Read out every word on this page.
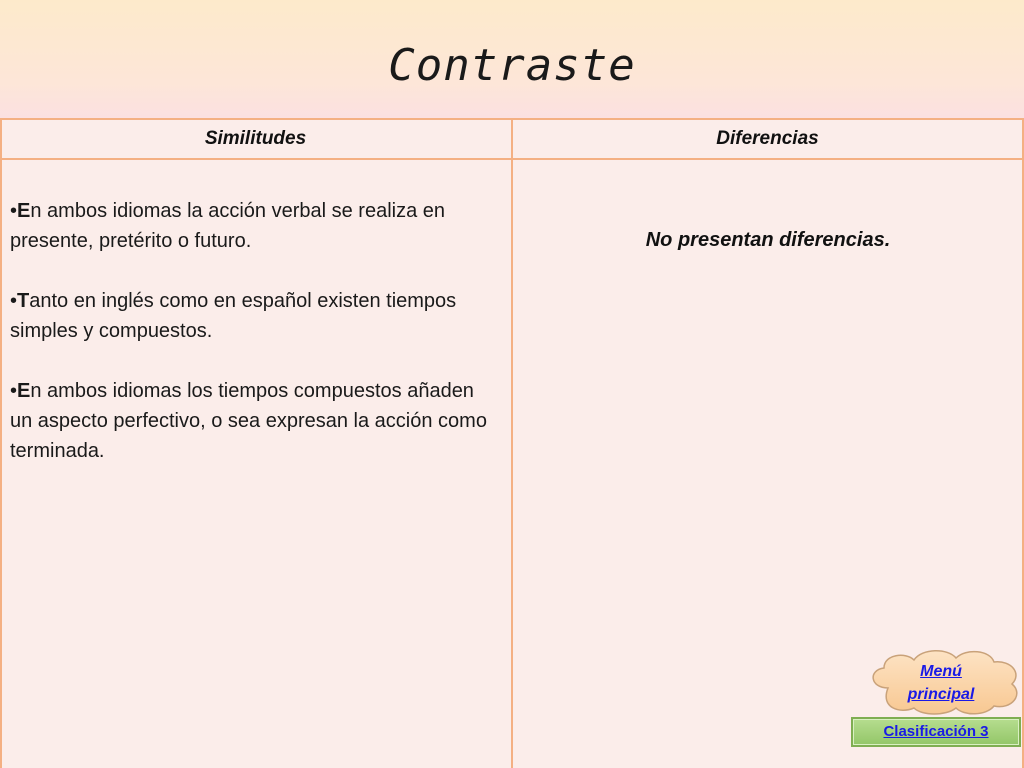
Contraste
Similitudes	Diferencias

•En ambos idiomas la acción verbal se realiza en presente, pretérito o futuro.

•Tanto en inglés como en español existen tiempos simples y compuestos.

•En ambos idiomas los tiempos compuestos añaden un aspecto perfectivo, o sea expresan la acción como terminada.

No presentan diferencias.
Menú
principal
Clasificación 3
